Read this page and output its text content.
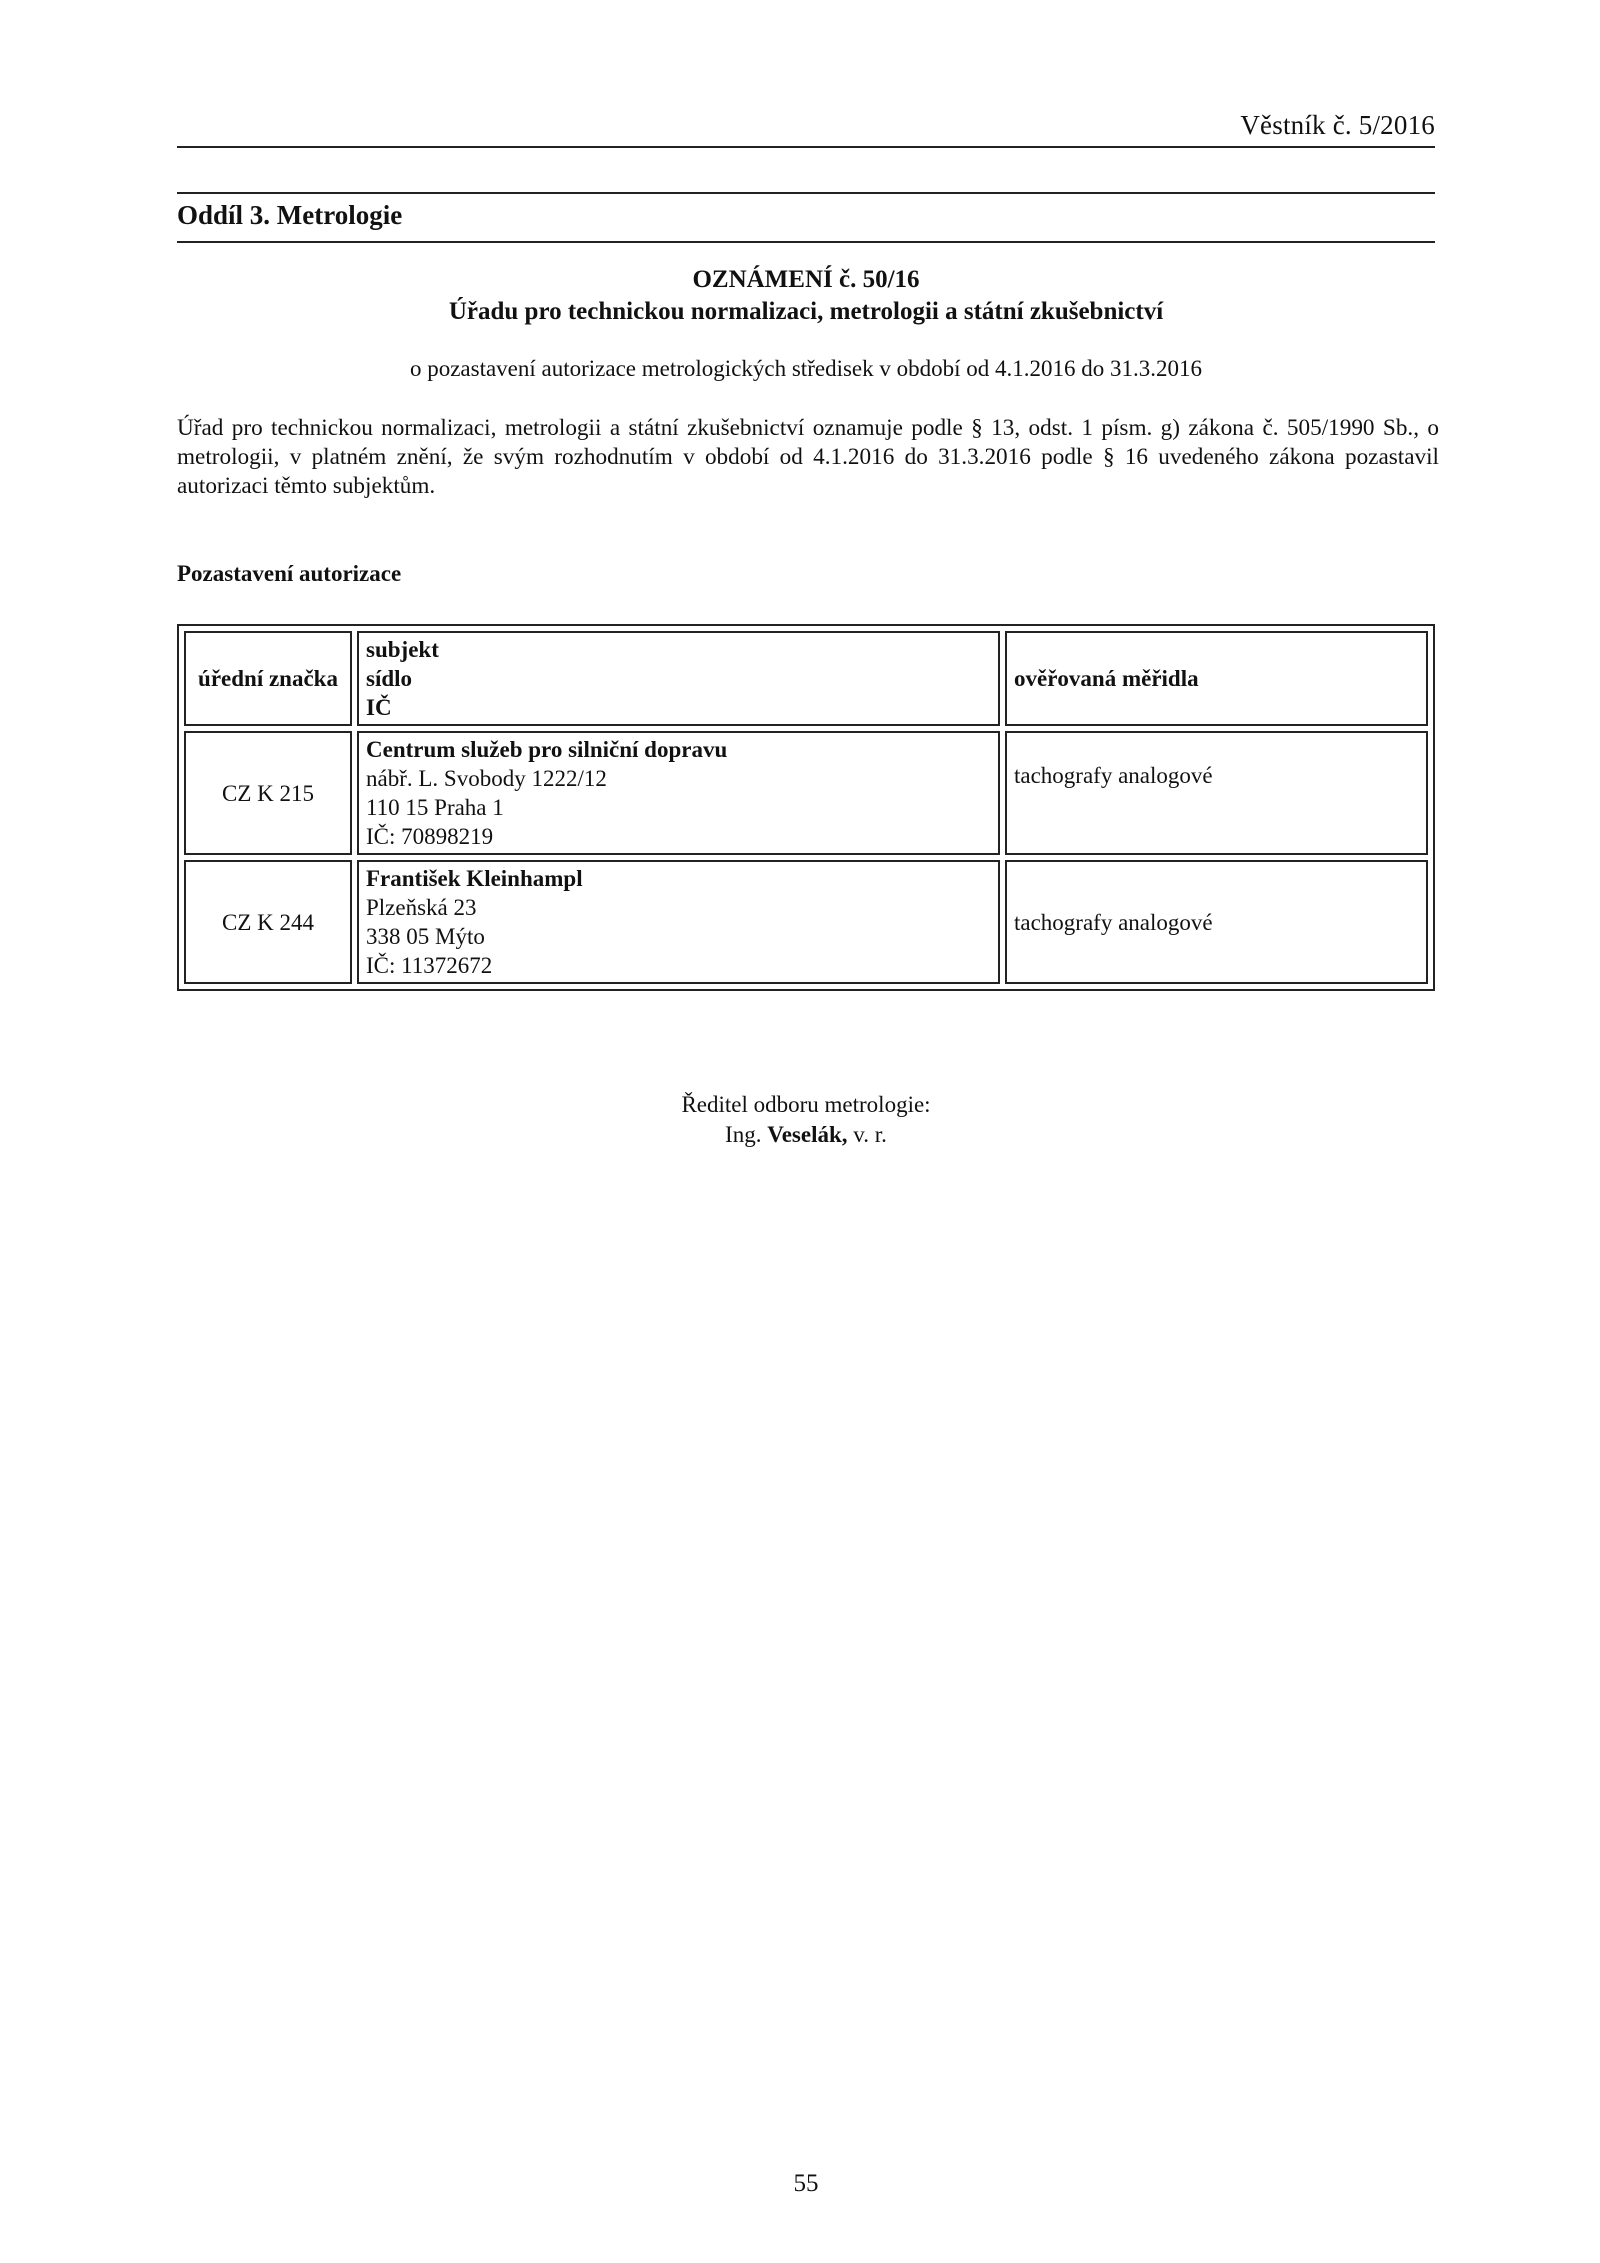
Věstník č. 5/2016
Oddíl 3. Metrologie
OZNÁMENÍ č. 50/16
Úřadu pro technickou normalizaci, metrologii a státní zkušebnictví
o pozastavení autorizace metrologických středisek v období od 4.1.2016 do 31.3.2016
Úřad pro technickou normalizaci, metrologii a státní zkušebnictví oznamuje podle § 13, odst. 1 písm. g) zákona č. 505/1990 Sb., o metrologii, v platném znění, že svým rozhodnutím v období od 4.1.2016 do 31.3.2016 podle § 16 uvedeného zákona pozastavil autorizaci těmto subjektům.
Pozastavení autorizace
úřední značka	subjekt
sídlo
IČ	ověřovaná měřidla
CZ K 215	Centrum služeb pro silniční dopravu
nábř. L. Svobody 1222/12
110 15 Praha 1
IČ: 70898219	tachografy analogové
CZ K 244	František Kleinhampl
Plzeňská 23
338 05 Mýto
IČ: 11372672	tachografy analogové
Ředitel odboru metrologie:
Ing. Veselák, v. r.
55
